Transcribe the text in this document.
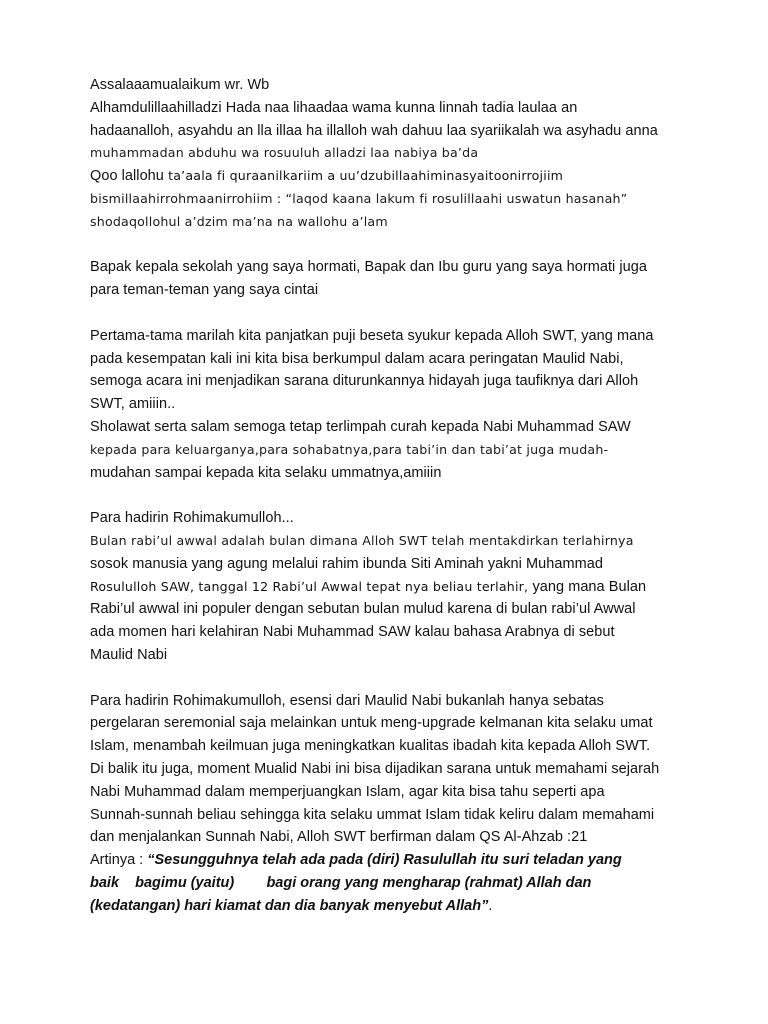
Assalaaamualaikum wr. Wb
Alhamdulillaahilladzi Hada naa lihaadaa wama kunna linnah tadia laulaa an
hadaanalloh, asyahdu an lla illaa ha illalloh wah dahuu laa syariikalah wa asyhadu anna
muhammadan abduhu wa rosuuluh alladzi laa nabiya ba’da
Qoo lallohu ta’aala fi quraanilkariim a uu’dzubillaahiminasyaitoonirrojiim
bismillaahirrohmaanirrohiim : “laqod kaana lakum fi rosulillaahi uswatun hasanah”
shodaqollohul a’dzim ma’na na wallohu a’lam
Bapak kepala sekolah yang saya hormati, Bapak dan Ibu guru yang saya hormati juga
para teman-teman yang saya cintai
Pertama-tama marilah kita panjatkan puji beseta syukur kepada Alloh SWT, yang mana
pada kesempatan kali ini kita bisa berkumpul dalam acara peringatan Maulid Nabi,
semoga acara ini menjadikan sarana diturunkannya hidayah juga taufiknya dari Alloh
SWT, amiiin..
Sholawat serta salam semoga tetap terlimpah curah kepada Nabi Muhammad SAW
kepada para keluarganya,para sohabatnya,para tabi’in dan tabi’at juga mudah-
mudahan sampai kepada kita selaku ummatnya,amiiin
Para hadirin Rohimakumulloh...
Bulan rabi’ul awwal adalah bulan dimana Alloh SWT telah mentakdirkan terlahirnya
sosok manusia yang agung melalui rahim ibunda Siti Aminah yakni Muhammad
Rosululloh SAW, tanggal 12 Rabi’ul Awwal tepat nya beliau terlahir, yang mana Bulan
Rabi’ul awwal ini populer dengan sebutan bulan mulud karena di bulan rabi’ul Awwal
ada momen hari kelahiran Nabi Muhammad SAW kalau bahasa Arabnya di sebut
Maulid Nabi
Para hadirin Rohimakumulloh, esensi dari Maulid Nabi bukanlah hanya sebatas
pergelaran seremonial saja melainkan untuk meng-upgrade kelmanan kita selaku umat
Islam, menambah keilmuan juga meningkatkan kualitas ibadah kita kepada Alloh SWT.
Di balik itu juga, moment Mualid Nabi ini bisa dijadikan sarana untuk memahami sejarah
Nabi Muhammad dalam memperjuangkan Islam, agar kita bisa tahu seperti apa
Sunnah-sunnah beliau sehingga kita selaku ummat Islam tidak keliru dalam memahami
dan menjalankan Sunnah Nabi, Alloh SWT berfirman dalam QS Al-Ahzab :21
Artinya : “Sesungguhnya telah ada pada (diri) Rasulullah itu suri teladan yang
baik    bagimu (yaitu)        bagi orang yang mengharap (rahmat) Allah dan
(kedatangan) hari kiamat dan dia banyak menyebut Allah”.
